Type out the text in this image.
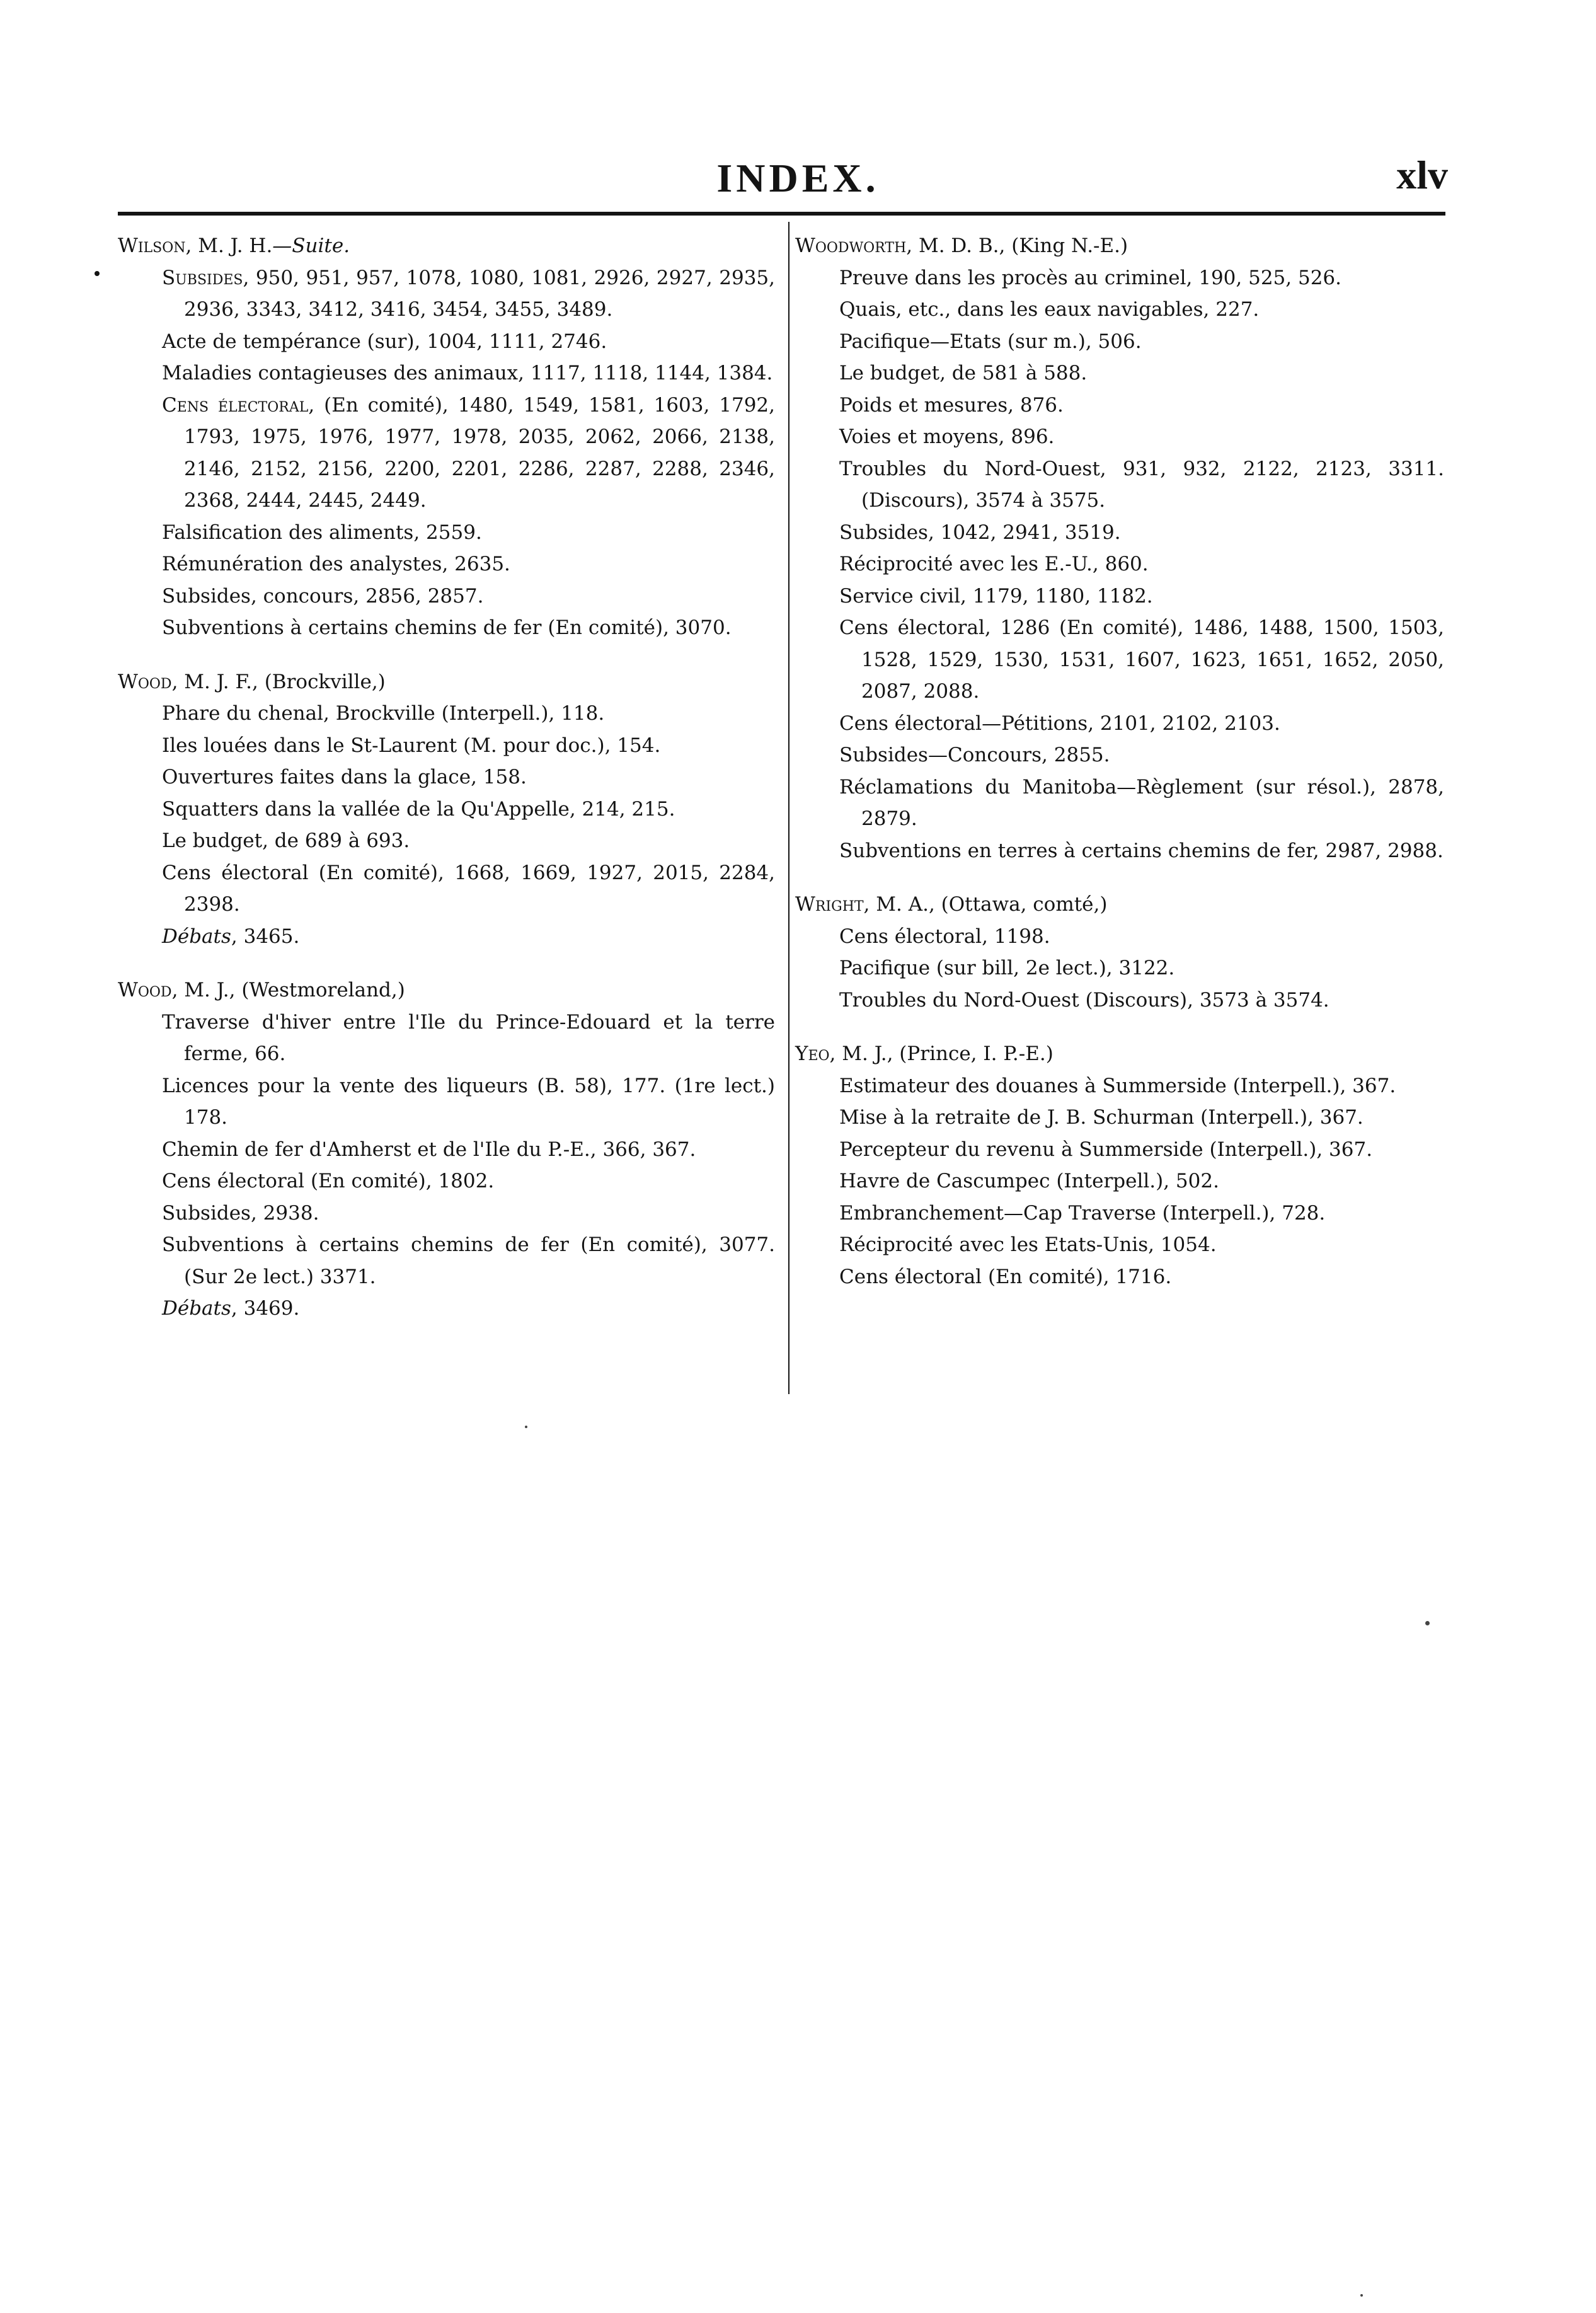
INDEX.	xlv
Wilson, M. J. H.—Suite.
Subsides, 950, 951, 957, 1078, 1080, 1081, 2926, 2927, 2935, 2936, 3343, 3412, 3416, 3454, 3455, 3489.
Acte de tempérance (sur), 1004, 1111, 2746.
Maladies contagieuses des animaux, 1117, 1118, 1144, 1384.
Cens électoral, (En comité), 1480, 1549, 1581, 1603, 1792, 1793, 1975, 1976, 1977, 1978, 2035, 2062, 2066, 2138, 2146, 2152, 2156, 2200, 2201, 2286, 2287, 2288, 2346, 2368, 2444, 2445, 2449.
Falsification des aliments, 2559.
Rémunération des analystes, 2635.
Subsides, concours, 2856, 2857.
Subventions à certains chemins de fer (En comité), 3070.
Wood, M. J. F., (Brockville,)
Phare du chenal, Brockville (Interpell.), 118.
Iles louées dans le St-Laurent (M. pour doc.), 154.
Ouvertures faites dans la glace, 158.
Squatters dans la vallée de la Qu'Appelle, 214, 215.
Le budget, de 689 à 693.
Cens électoral (En comité), 1668, 1669, 1927, 2015, 2284, 2398.
Débats, 3465.
Wood, M. J., (Westmoreland,)
Traverse d'hiver entre l'Ile du Prince-Edouard et la terre ferme, 66.
Licences pour la vente des liqueurs (B. 58), 177. (1re lect.) 178.
Chemin de fer d'Amherst et de l'Ile du P.-E., 366, 367.
Cens électoral (En comité), 1802.
Subsides, 2938.
Subventions à certains chemins de fer (En comité), 3077. (Sur 2e lect.) 3371.
Débats, 3469.
Woodworth, M. D. B., (King N.-E.)
Preuve dans les procès au criminel, 190, 525, 526.
Quais, etc., dans les eaux navigables, 227.
Pacifique—Etats (sur m.), 506.
Le budget, de 581 à 588.
Poids et mesures, 876.
Voies et moyens, 896.
Troubles du Nord-Ouest, 931, 932, 2122, 2123, 3311. (Discours), 3574 à 3575.
Subsides, 1042, 2941, 3519.
Réciprocité avec les E.-U., 860.
Service civil, 1179, 1180, 1182.
Cens électoral, 1286 (En comité), 1486, 1488, 1500, 1503, 1528, 1529, 1530, 1531, 1607, 1623, 1651, 1652, 2050, 2087, 2088.
Cens électoral—Pétitions, 2101, 2102, 2103.
Subsides—Concours, 2855.
Réclamations du Manitoba—Règlement (sur résol.), 2878, 2879.
Subventions en terres à certains chemins de fer, 2987, 2988.
Wright, M. A., (Ottawa, comté,)
Cens électoral, 1198.
Pacifique (sur bill, 2e lect.), 3122.
Troubles du Nord-Ouest (Discours), 3573 à 3574.
Yeo, M. J., (Prince, I. P.-E.)
Estimateur des douanes à Summerside (Interpell.), 367.
Mise à la retraite de J. B. Schurman (Interpell.), 367.
Percepteur du revenu à Summerside (Interpell.), 367.
Havre de Cascumpec (Interpell.), 502.
Embranchement—Cap Traverse (Interpell.), 728.
Réciprocité avec les Etats-Unis, 1054.
Cens électoral (En comité), 1716.
